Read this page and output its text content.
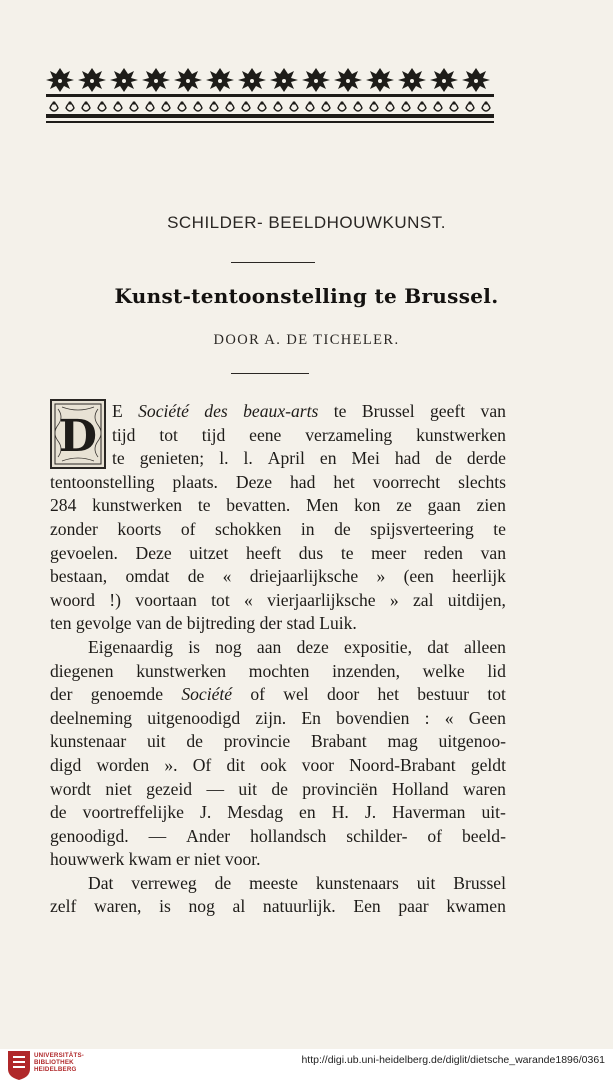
SCHILDER- BEELDHOUWKUNST.
Kunst-tentoonstelling te Brussel.
DOOR A. DE TICHELER.
D E Société des beaux-arts te Brussel geeft van
tijd tot tijd eene verzameling kunstwerken
te genieten; l. l. April en Mei had de derde
tentoonstelling plaats. Deze had het voorrecht slechts
284 kunstwerken te bevatten. Men kon ze gaan zien
zonder koorts of schokken in de spijsverteering te
gevoelen. Deze uitzet heeft dus te meer reden van
bestaan, omdat de « driejaarlijksche » (een heerlijk
woord !) voortaan tot « vierjaarlijksche » zal uitdijen,
ten gevolge van de bijtreding der stad Luik.
Eigenaardig is nog aan deze expositie, dat alleen
diegenen kunstwerken mochten inzenden, welke lid
der genoemde Société of wel door het bestuur tot
deelneming uitgenoodigd zijn. En bovendien : « Geen
kunstenaar uit de provincie Brabant mag uitgenoo-
digd worden ». Of dit ook voor Noord-Brabant geldt
wordt niet gezeid — uit de provinciën Holland waren
de voortreffelijke J. Mesdag en H. J. Haverman uit-
genoodigd. — Ander hollandsch schilder- of beeld-
houwwerk kwam er niet voor.
Dat verreweg de meeste kunstenaars uit Brussel
zelf waren, is nog al natuurlijk. Een paar kwamen
UNIVERSITÄTS-
BIBLIOTHEK
HEIDELBERG
http://digi.ub.uni-heidelberg.de/diglit/dietsche_warande1896/0361
